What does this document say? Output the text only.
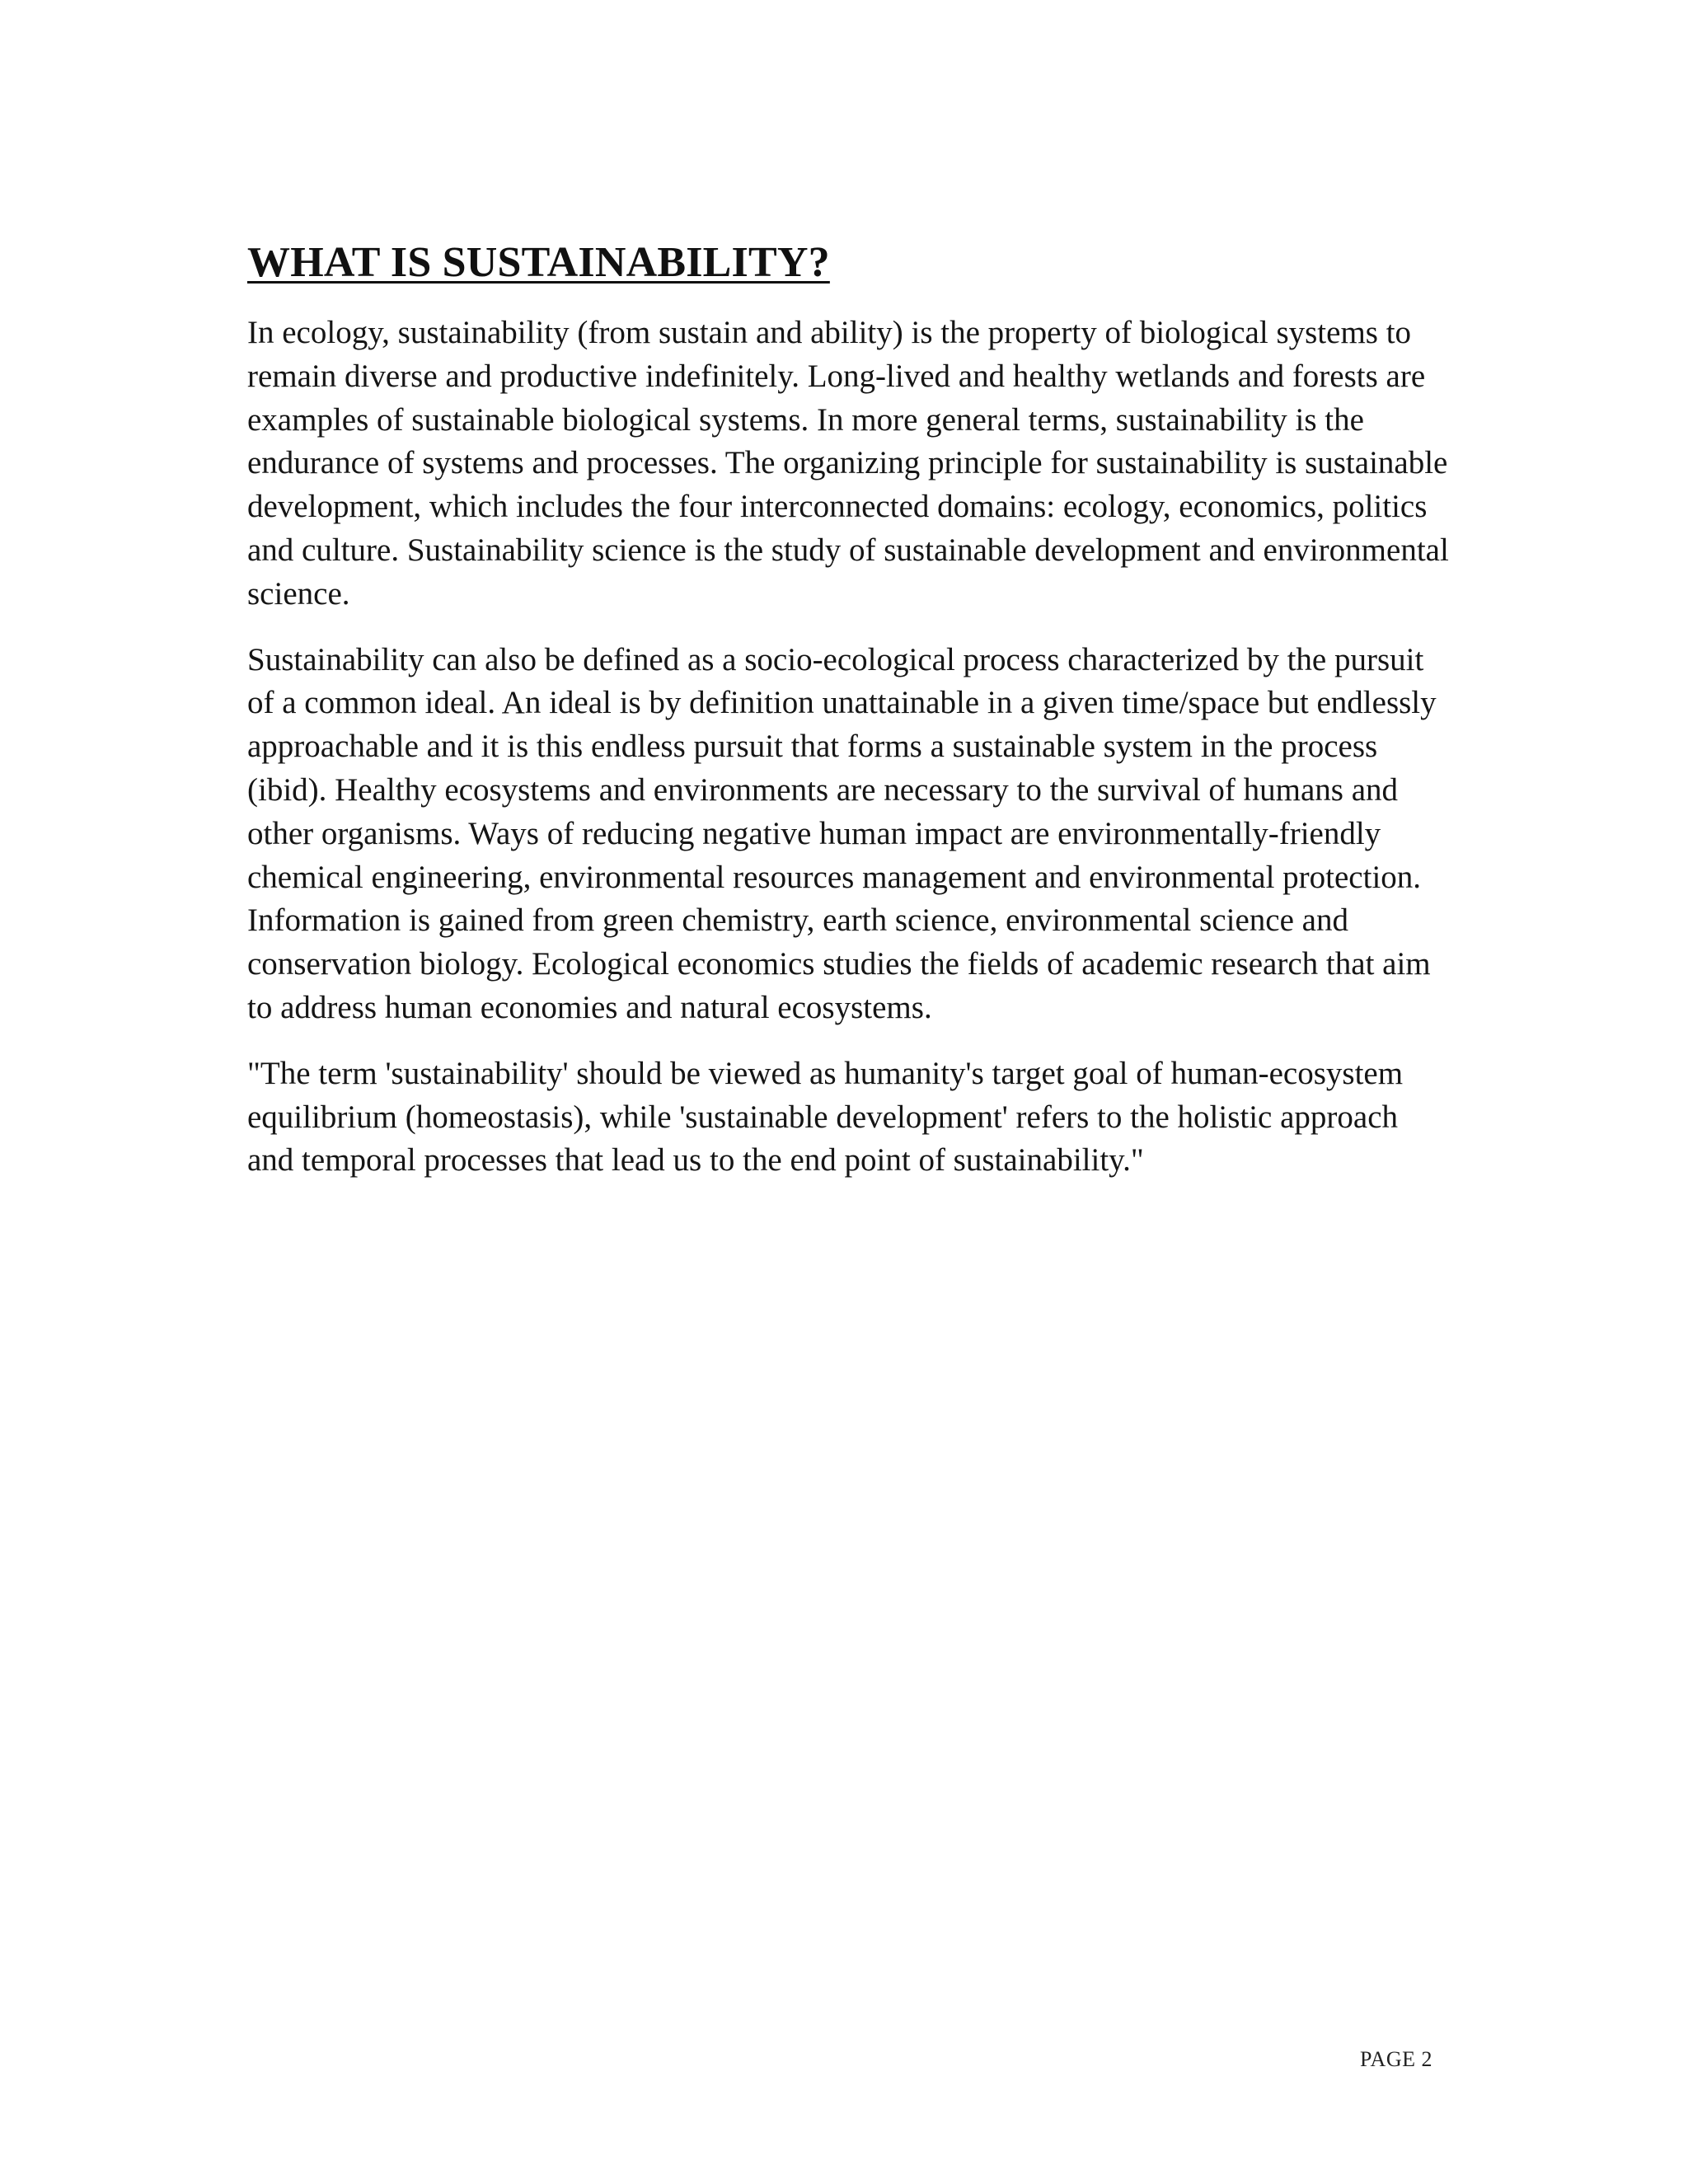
WHAT IS SUSTAINABILITY?

In ecology, sustainability (from sustain and ability) is the property of biological systems to remain diverse and productive indefinitely. Long-lived and healthy wetlands and forests are examples of sustainable biological systems. In more general terms, sustainability is the endurance of systems and processes. The organizing principle for sustainability is sustainable development, which includes the four interconnected domains: ecology, economics, politics and culture. Sustainability science is the study of sustainable development and environmental science.

Sustainability can also be defined as a socio-ecological process characterized by the pursuit of a common ideal. An ideal is by definition unattainable in a given time/space but endlessly approachable and it is this endless pursuit that forms a sustainable system in the process (ibid). Healthy ecosystems and environments are necessary to the survival of humans and other organisms. Ways of reducing negative human impact are environmentally-friendly chemical engineering, environmental resources management and environmental protection. Information is gained from green chemistry, earth science, environmental science and conservation biology. Ecological economics studies the fields of academic research that aim to address human economies and natural ecosystems.

"The term 'sustainability' should be viewed as humanity's target goal of human-ecosystem equilibrium (homeostasis), while 'sustainable development' refers to the holistic approach and temporal processes that lead us to the end point of sustainability."

PAGE 2
